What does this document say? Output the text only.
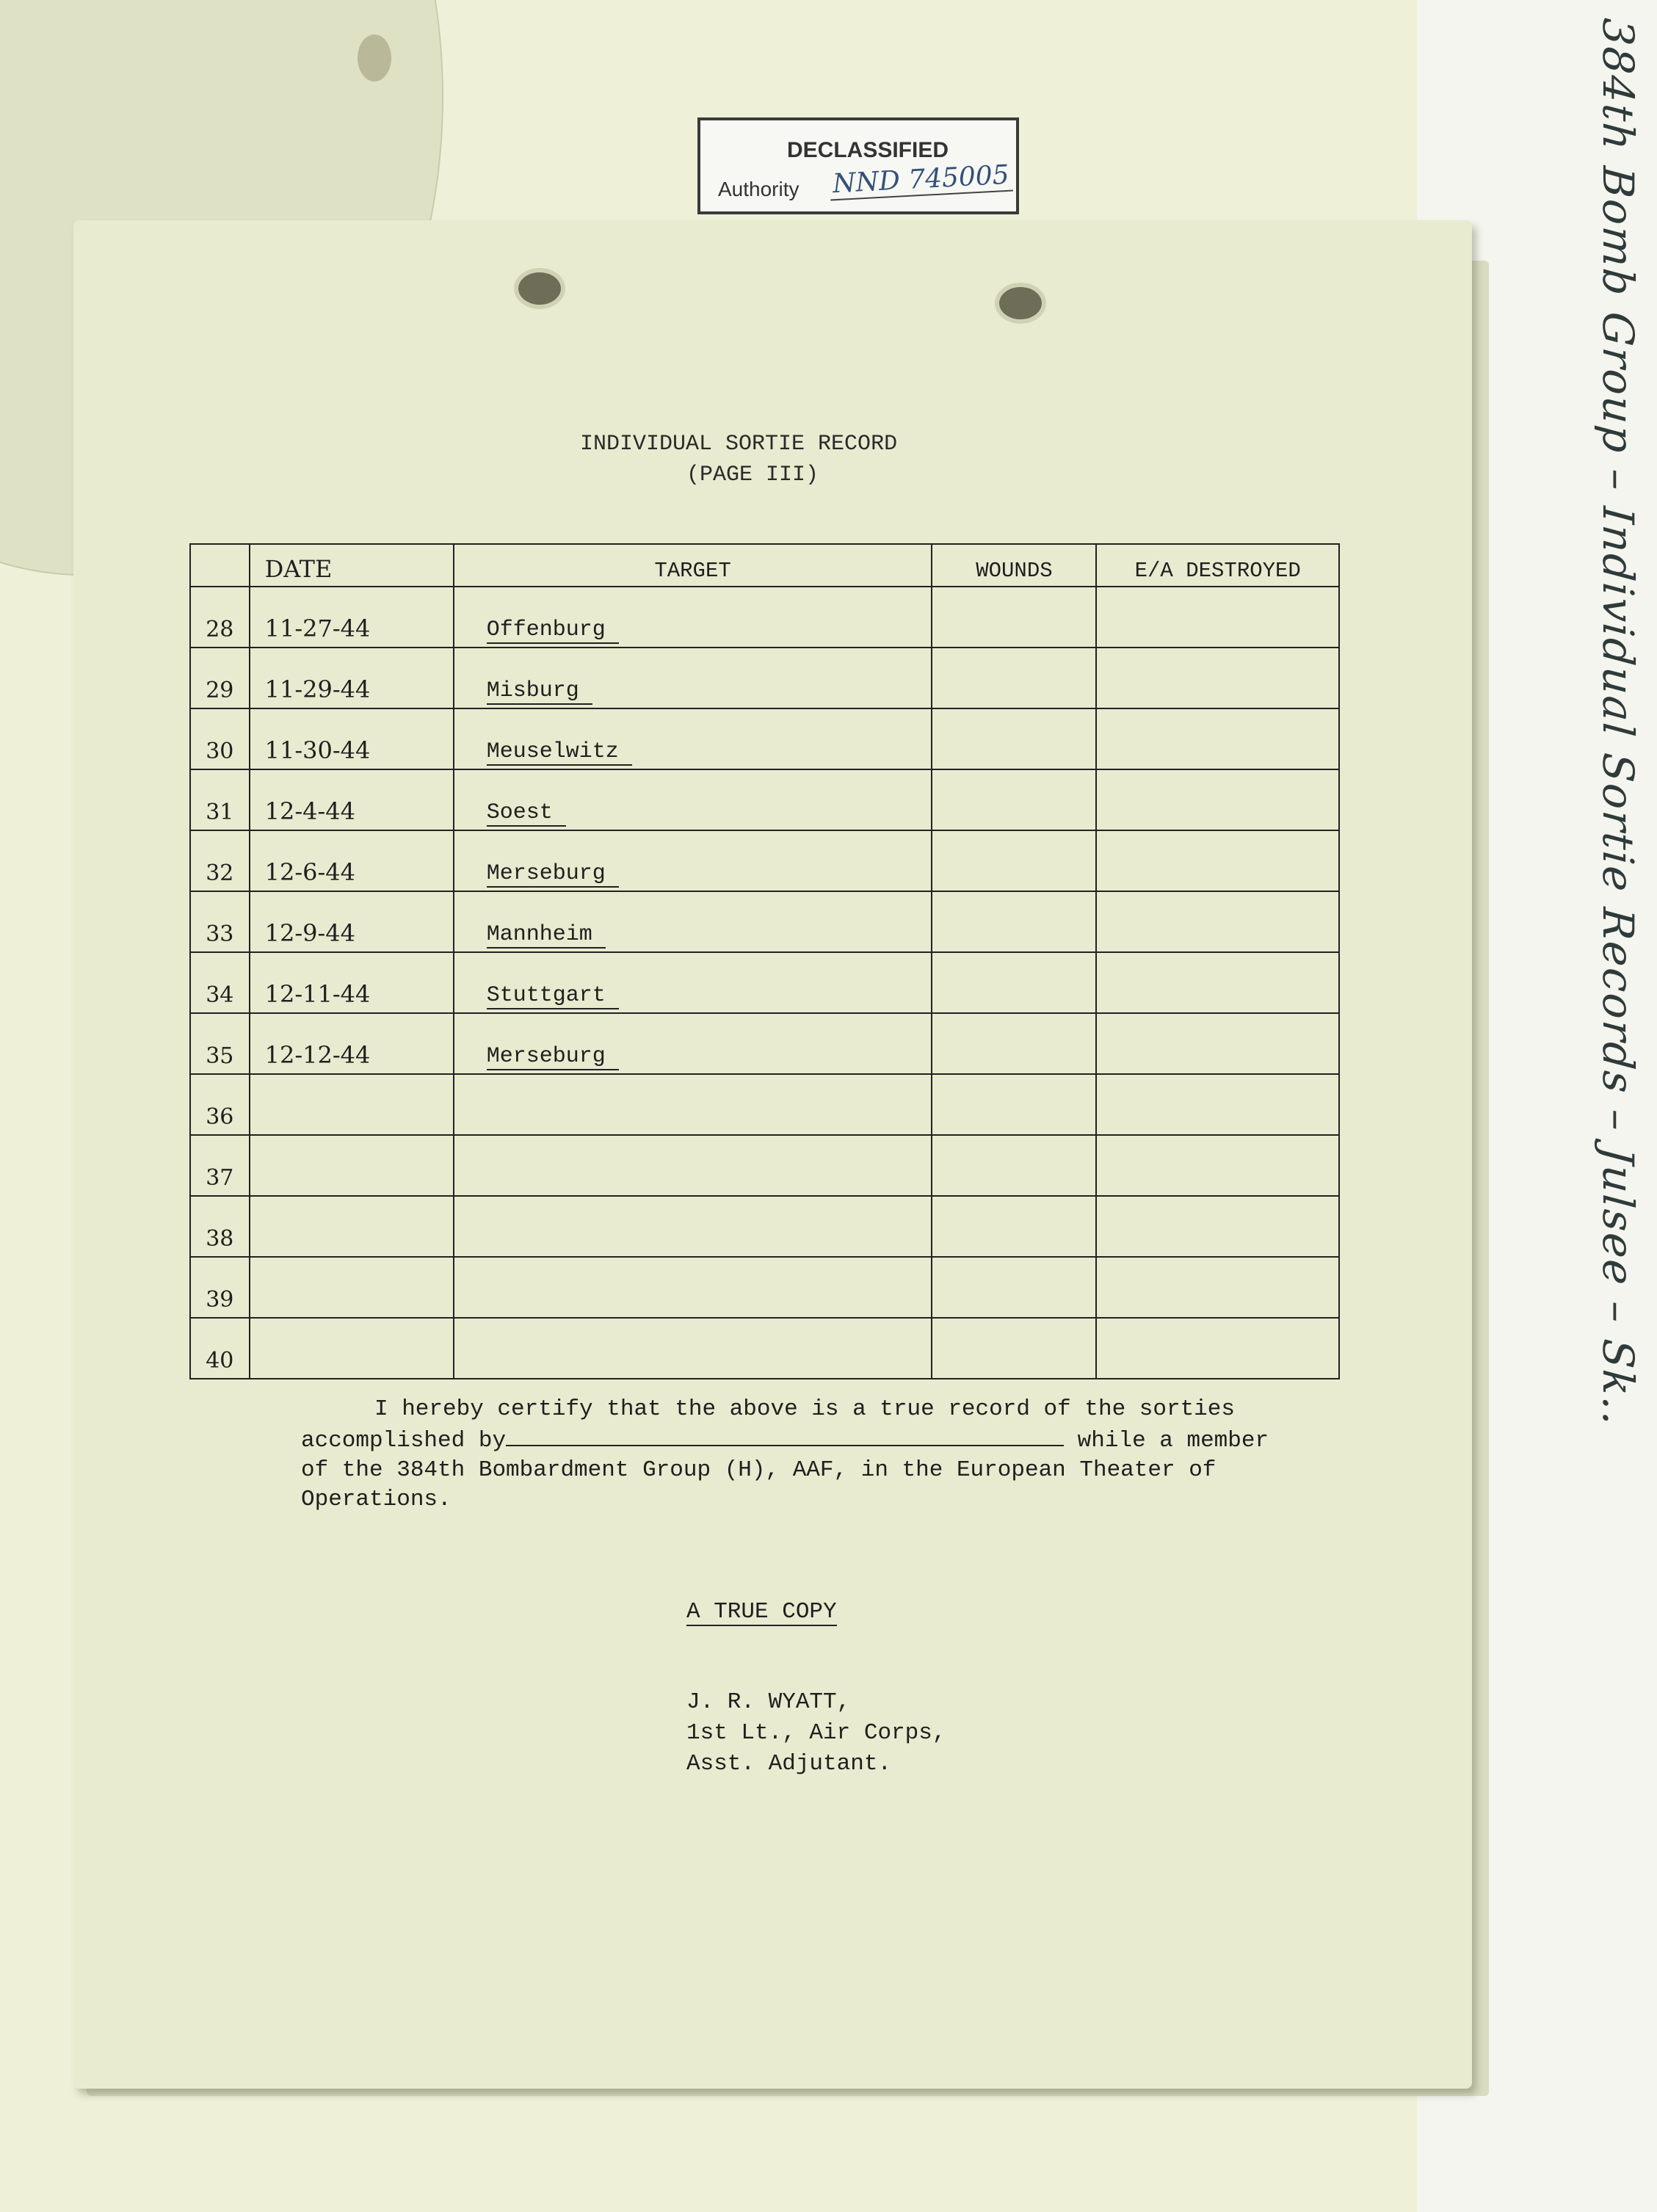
DECLASSIFIED
Authority NND 745005	384th Bomb Group – Individual Sortie Records – Julsee – Sk..
INDIVIDUAL SORTIE RECORD
(PAGE III)
	DATE	TARGET	WOUNDS	E/A DESTROYED
28	11-27-44	Offenburg		
29	11-29-44	Misburg		
30	11-30-44	Meuselwitz		
31	12-4-44	Soest		
32	12-6-44	Merseburg		
33	12-9-44	Mannheim		
34	12-11-44	Stuttgart		
35	12-12-44	Merseburg		
36				
37				
38				
39				
40				
I hereby certify that the above is a true record of the sorties
accomplished by	while a member
of the 384th Bombardment Group (H), AAF, in the European Theater of
Operations.
A TRUE COPY
J. R. WYATT,
1st Lt., Air Corps,
Asst. Adjutant.
